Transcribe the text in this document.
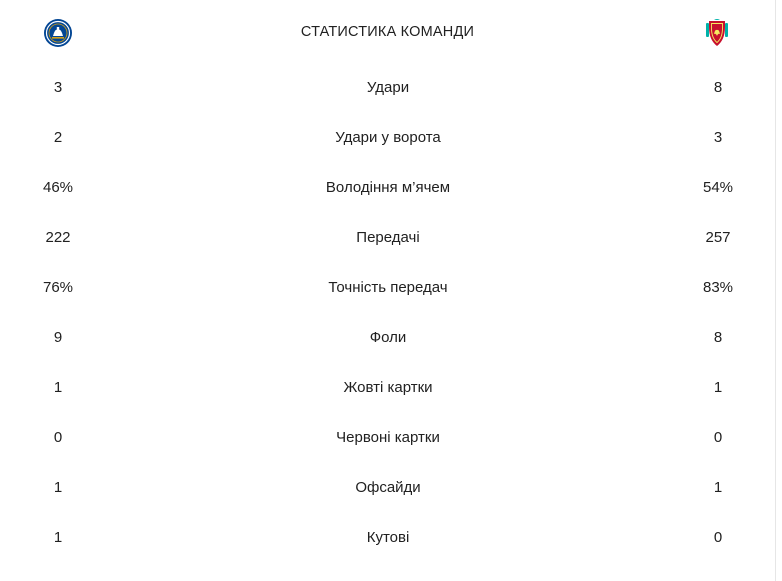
СТАТИСТИКА КОМАНДИ
3	Удари	8
2	Удари у ворота	3
46%	Володіння м’ячем	54%
222	Передачі	257
76%	Точність передач	83%
9	Фоли	8
1	Жовті картки	1
0	Червоні картки	0
1	Офсайди	1
1	Кутові	0
